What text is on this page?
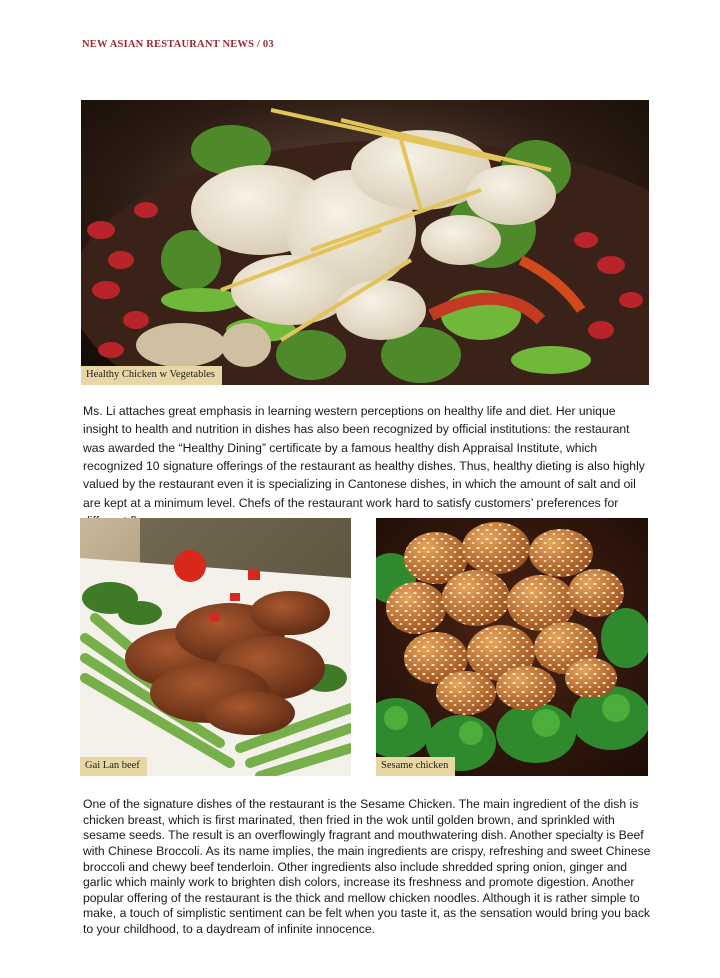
NEW ASIAN RESTAURANT NEWS / 03
Healthy Chicken w Vegetables

Ms. Li attaches great emphasis in learning western perceptions on healthy life and diet. Her unique insight to health and nutrition in dishes has also been recognized by official institutions: the restaurant was awarded the “Healthy Dining” certificate by a famous healthy dish Appraisal Institute, which recognized 10 signature offerings of the restaurant as healthy dishes. Thus, healthy dieting is also highly valued by the restaurant even it is specializing in Cantonese dishes, in which the amount of salt and oil are kept at a minimum level. Chefs of the restaurant work hard to satisfy customers’ preferences for

Gai Lan beef	Sesame chicken

One of the signature dishes of the restaurant is the Sesame Chicken. The main ingredient of the dish is chicken breast, which is first marinated, then fried in the wok until golden brown, and sprinkled with sesame seeds. The result is an overflowingly fragrant and mouthwatering dish. Another specialty is Beef with Chinese Broccoli. As its name implies, the main ingredients are crispy, refreshing and sweet Chinese broccoli and chewy beef tenderloin. Other ingredients also include shredded spring onion, ginger and garlic which mainly work to brighten dish colors, increase its freshness and promote digestion. Another popular offering of the restaurant is the thick and mellow chicken noodles. Although it is rather simple to make, a touch of simplistic sentiment can be felt when you taste it, as the sensation would bring you back to your childhood, to a daydream of infinite innocence.
